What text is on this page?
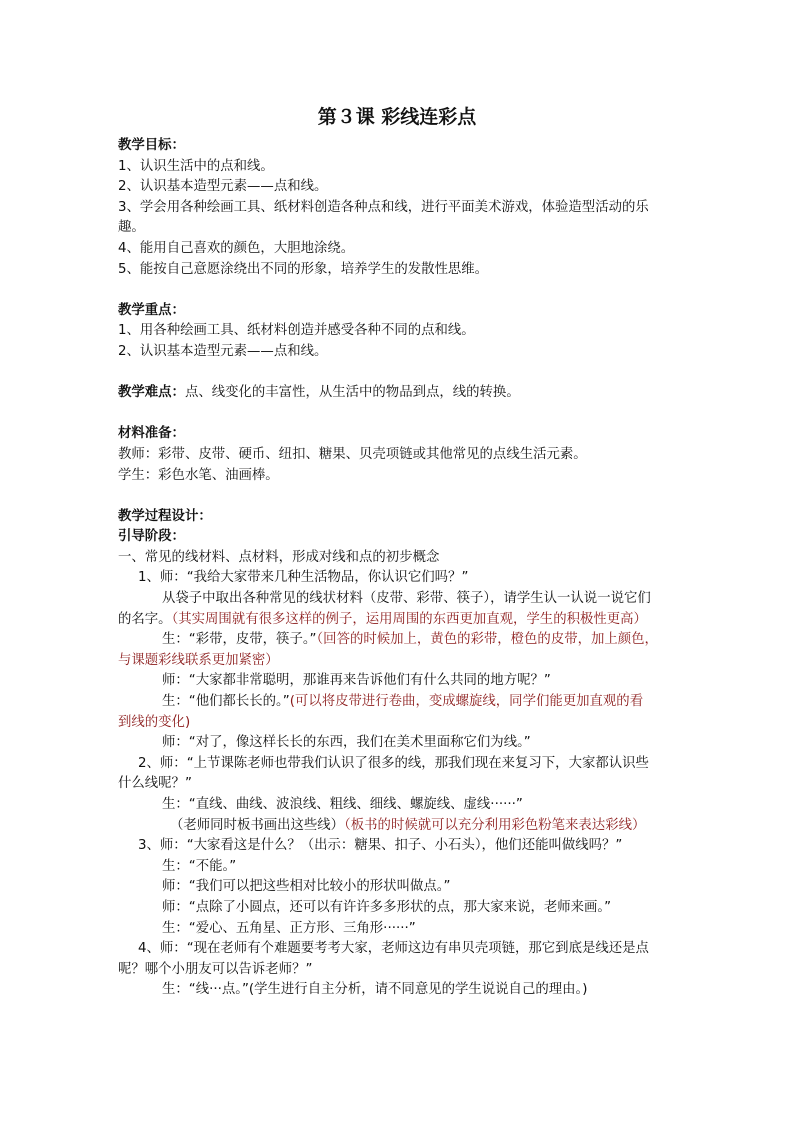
第３课 彩线连彩点
教学目标：
1、认识生活中的点和线。
2、认识基本造型元素——点和线。
3、学会用各种绘画工具、纸材料创造各种点和线，进行平面美术游戏，体验造型活动的乐
趣。
4、能用自己喜欢的颜色，大胆地涂绕。
5、能按自己意愿涂绕出不同的形象，培养学生的发散性思维。
教学重点：
1、用各种绘画工具、纸材料创造并感受各种不同的点和线。
2、认识基本造型元素——点和线。
教学难点：点、线变化的丰富性，从生活中的物品到点，线的转换。
材料准备：
教师：彩带、皮带、硬币、纽扣、糖果、贝壳项链或其他常见的点线生活元素。
学生：彩色水笔、油画棒。
教学过程设计：
引导阶段：
一、常见的线材料、点材料，形成对线和点的初步概念
1、师：“我给大家带来几种生活物品，你认识它们吗？”
从袋子中取出各种常见的线状材料（皮带、彩带、筷子），请学生认一认说一说它们
的名字。（其实周围就有很多这样的例子，运用周围的东西更加直观，学生的积极性更高）
生：“彩带，皮带，筷子。”（回答的时候加上，黄色的彩带，橙色的皮带，加上颜色，
与课题彩线联系更加紧密）
师：“大家都非常聪明，那谁再来告诉他们有什么共同的地方呢？”
生：“他们都长长的。”(可以将皮带进行卷曲，变成螺旋线，同学们能更加直观的看
到线的变化)
师：“对了，像这样长长的东西，我们在美术里面称它们为线。”
2、师：“上节课陈老师也带我们认识了很多的线，那我们现在来复习下，大家都认识些
什么线呢？”
生：“直线、曲线、波浪线、粗线、细线、螺旋线、虚线······”
（老师同时板书画出这些线）（板书的时候就可以充分利用彩色粉笔来表达彩线）
3、师：“大家看这是什么？（出示：糖果、扣子、小石头），他们还能叫做线吗？”
生：“不能。”
师：“我们可以把这些相对比较小的形状叫做点。”
师：“点除了小圆点，还可以有许许多多形状的点，那大家来说，老师来画。”
生：“爱心、五角星、正方形、三角形······”
4、师：“现在老师有个难题要考考大家，老师这边有串贝壳项链，那它到底是线还是点
呢？哪个小朋友可以告诉老师？”
生：“线···点。”(学生进行自主分析，请不同意见的学生说说自己的理由。)
